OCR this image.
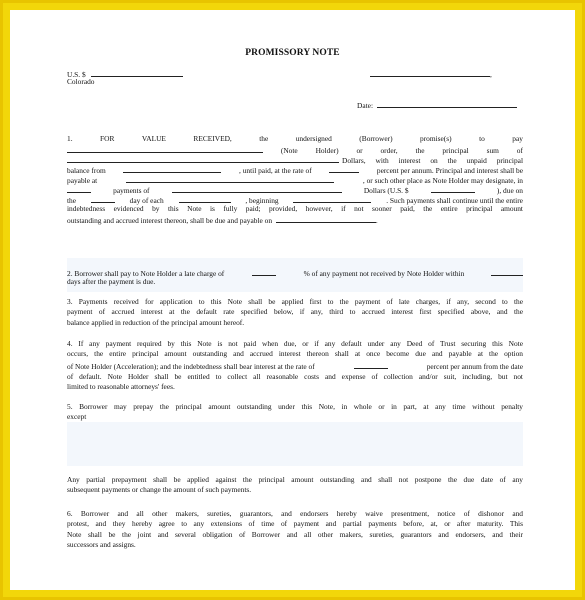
PROMISSORY NOTE
U.S. $
Colorado
,
Date:
1.	FOR	VALUE	RECEIVED,	the	undersigned	(Borrower)	promise(s)	to	pay
(Note Holder) or order, the principal sum of
Dollars, with interest on the unpaid principal
balance from	, until paid, at the rate of	percent per annum. Principal and interest shall be
payable at	, or such other place as Note Holder may designate, in
payments of	Dollars (U.S. $	), due on
the	day of each	, beginning	. Such payments shall continue until the entire
indebtedness evidenced by this Note is fully paid; provided, however, if not sooner paid, the entire principal amount
outstanding and accrued interest thereon, shall be due and payable on	.
2. Borrower shall pay to Note Holder a late charge of	% of any payment not received by Note Holder within
days after the payment is due.
3. Payments received for application to this Note shall be applied first to the payment of late charges, if any, second to the
payment of accrued interest at the default rate specified below, if any, third to accrued interest first specified above, and the
balance applied in reduction of the principal amount hereof.
4. If any payment required by this Note is not paid when due, or if any default under any Deed of Trust securing this Note
occurs, the entire principal amount outstanding and accrued interest thereon shall at once become due and payable at the option
of Note Holder (Acceleration); and the indebtedness shall bear interest at the rate of	percent per annum from the date
of default. Note Holder shall be entitled to collect all reasonable costs and expense of collection and/or suit, including, but not
limited to reasonable attorneys' fees.
5. Borrower may prepay the principal amount outstanding under this Note, in whole or in part, at any time without penalty
except
Any partial prepayment shall be applied against the principal amount outstanding and shall not postpone the due date of any
subsequent payments or change the amount of such payments.
6. Borrower and all other makers, sureties, guarantors, and endorsers hereby waive presentment, notice of dishonor and
protest, and they hereby agree to any extensions of time of payment and partial payments before, at, or after maturity. This
Note shall be the joint and several obligation of Borrower and all other makers, sureties, guarantors and endorsers, and their
successors and assigns.
